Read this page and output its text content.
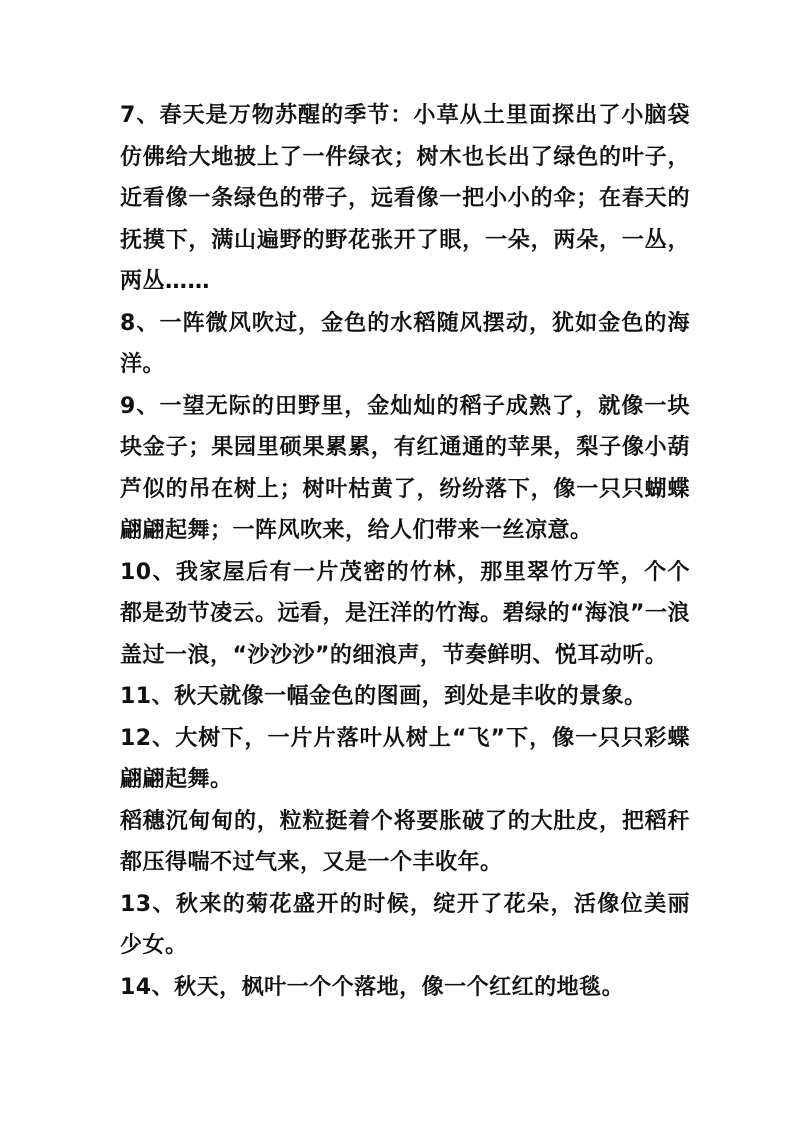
7、春天是万物苏醒的季节：小草从土里面探出了小脑袋仿佛给大地披上了一件绿衣；树木也长出了绿色的叶子，近看像一条绿色的带子，远看像一把小小的伞；在春天的抚摸下，满山遍野的野花张开了眼，一朵，两朵，一丛，两丛……

8、一阵微风吹过，金色的水稻随风摆动，犹如金色的海洋。

9、一望无际的田野里，金灿灿的稻子成熟了，就像一块块金子；果园里硕果累累，有红通通的苹果，梨子像小葫芦似的吊在树上；树叶枯黄了，纷纷落下，像一只只蝴蝶翩翩起舞；一阵风吹来，给人们带来一丝凉意。

10、我家屋后有一片茂密的竹林，那里翠竹万竿，个个都是劲节凌云。远看，是汪洋的竹海。碧绿的“海浪”一浪盖过一浪，“沙沙沙”的细浪声，节奏鲜明、悦耳动听。

11、秋天就像一幅金色的图画，到处是丰收的景象。

12、大树下，一片片落叶从树上“飞”下，像一只只彩蝶翩翩起舞。

稻穗沉甸甸的，粒粒挺着个将要胀破了的大肚皮，把稻秆都压得喘不过气来，又是一个丰收年。

13、秋来的菊花盛开的时候，绽开了花朵，活像位美丽少女。

14、秋天，枫叶一个个落地，像一个红红的地毯。
